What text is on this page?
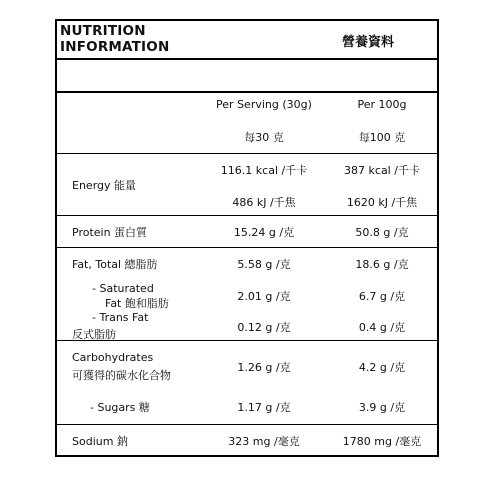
NUTRITION
INFORMATION	營養資料
Per Serving (30g)	Per 100g
每30 克	每100 克
Energy 能量
116.1 kcal /千卡	387 kcal /千卡
486 kJ /千焦	1620 kJ /千焦
Protein 蛋白質	15.24 g /克	50.8 g /克
Fat, Total 總脂肪	5.58 g /克	18.6 g /克
- Saturated
Fat 飽和脂肪
2.01 g /克	6.7 g /克
- Trans Fat
反式脂肪
0.12 g /克	0.4 g /克
Carbohydrates
可獲得的碳水化合物
1.26 g /克	4.2 g /克
- Sugars 糖	1.17 g /克	3.9 g /克
Sodium 鈉	323 mg /毫克	1780 mg /毫克
